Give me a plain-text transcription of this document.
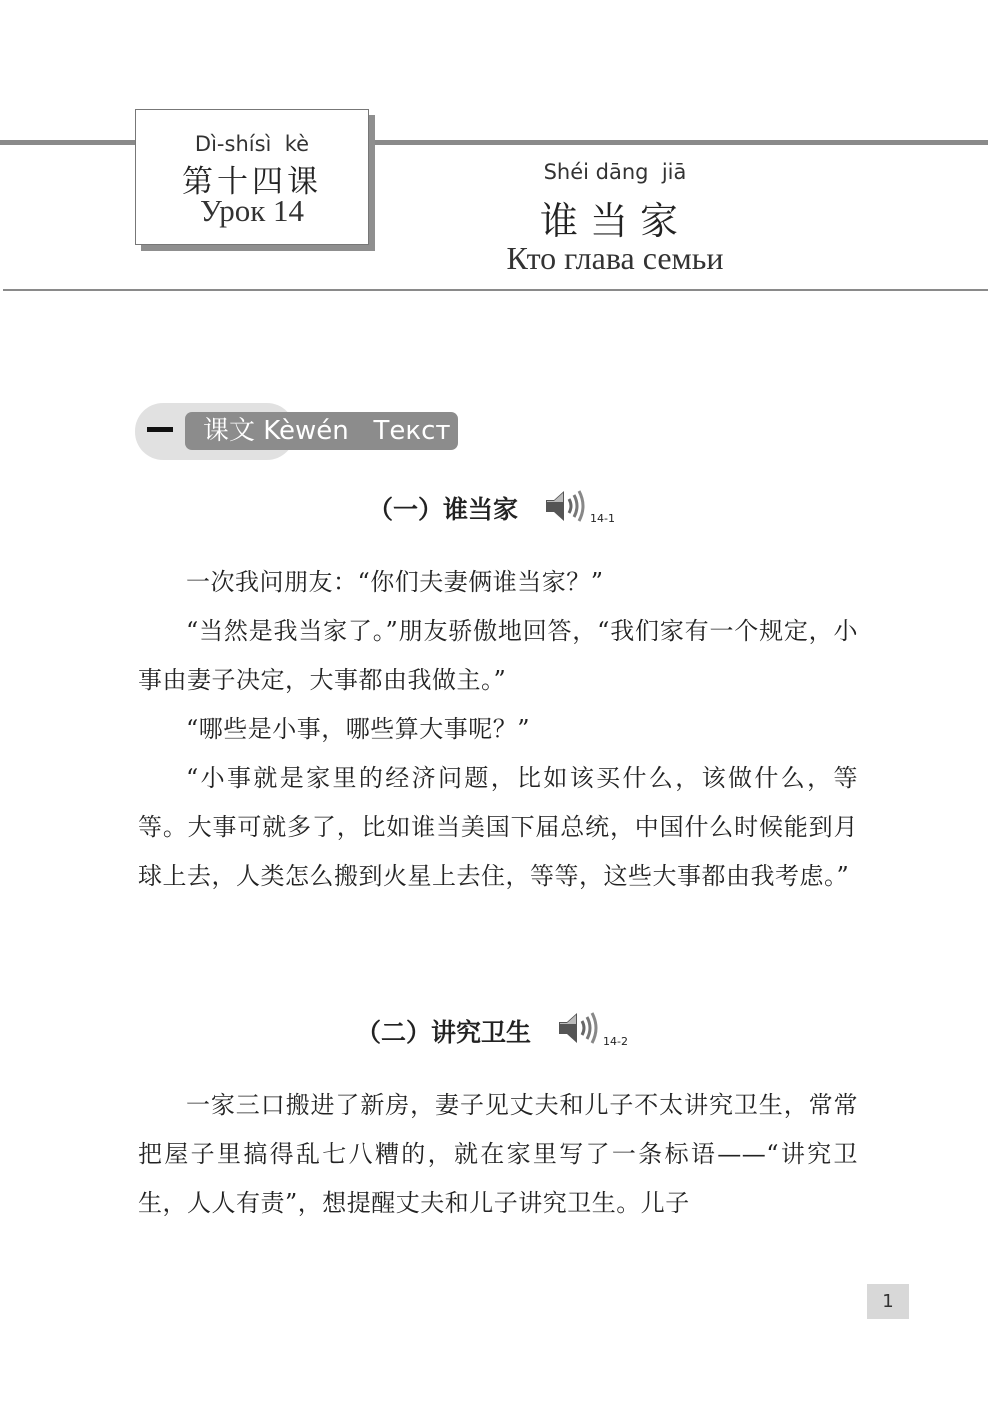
Dì-shísì  kè
第十四课
Урок 14
Shéi dāng  jiā
谁当家
Кто глава семьи
课文 Kèwén   Текст
（一）谁当家	14-1
一次我问朋友：“你们夫妻俩谁当家？”
“当然是我当家了。”朋友骄傲地回答，“我们家有一个规定，小事由妻子决定，大事都由我做主。”
“哪些是小事，哪些算大事呢？”
“小事就是家里的经济问题，比如该买什么，该做什么，等等。大事可就多了，比如谁当美国下届总统，中国什么时候能到月球上去，人类怎么搬到火星上去住，等等，这些大事都由我考虑。”
（二）讲究卫生	14-2
一家三口搬进了新房，妻子见丈夫和儿子不太讲究卫生，常常把屋子里搞得乱七八糟的，就在家里写了一条标语——“讲究卫生，人人有责”，想提醒丈夫和儿子讲究卫生。儿子
1
